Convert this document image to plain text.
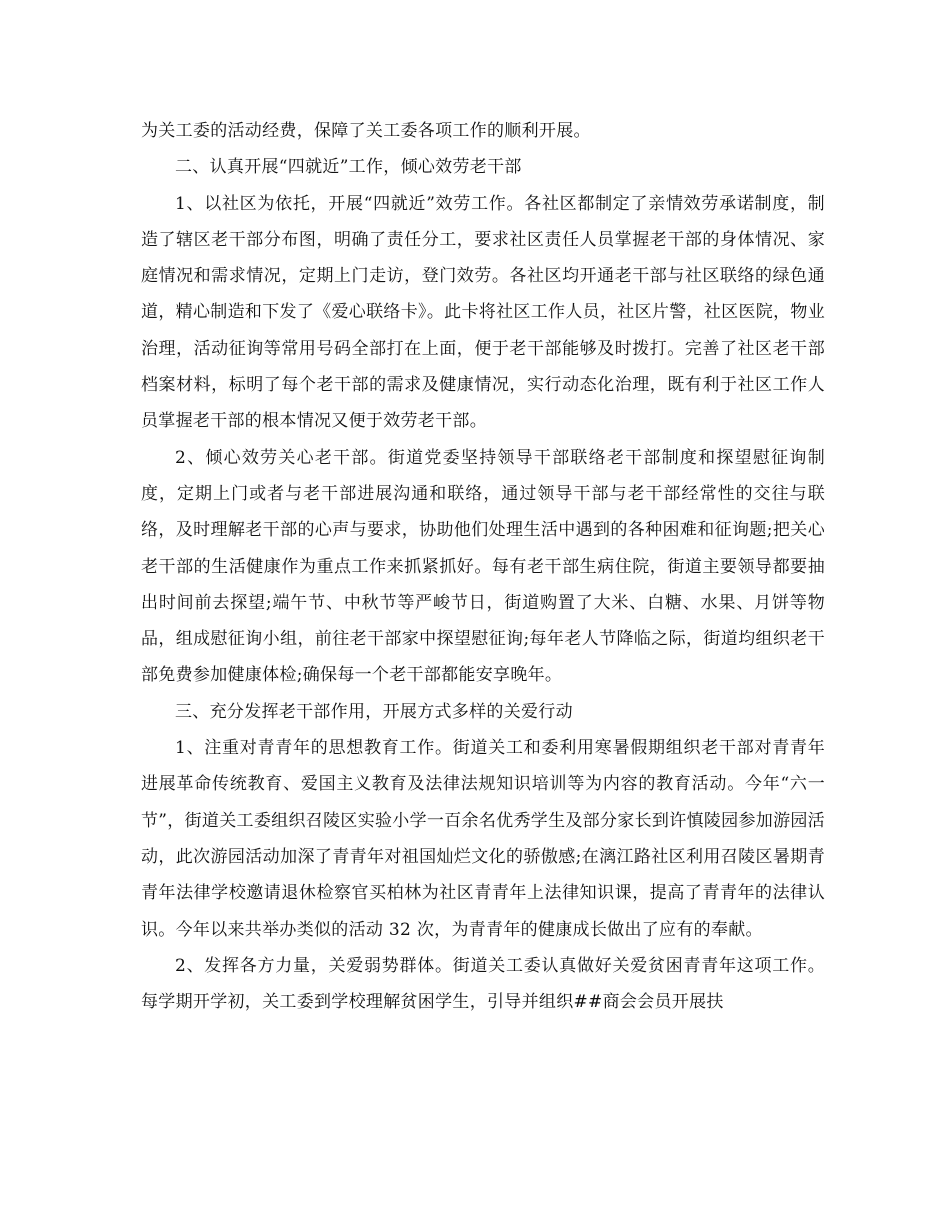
为关工委的活动经费，保障了关工委各项工作的顺利开展。

二、认真开展“四就近”工作，倾心效劳老干部

1、以社区为依托，开展“四就近”效劳工作。各社区都制定了亲情效劳承诺制度，制造了辖区老干部分布图，明确了责任分工，要求社区责任人员掌握老干部的身体情况、家庭情况和需求情况，定期上门走访，登门效劳。各社区均开通老干部与社区联络的绿色通道，精心制造和下发了《爱心联络卡》。此卡将社区工作人员，社区片警，社区医院，物业治理，活动征询等常用号码全部打在上面，便于老干部能够及时拨打。完善了社区老干部档案材料，标明了每个老干部的需求及健康情况，实行动态化治理，既有利于社区工作人员掌握老干部的根本情况又便于效劳老干部。

2、倾心效劳关心老干部。街道党委坚持领导干部联络老干部制度和探望慰征询制度，定期上门或者与老干部进展沟通和联络，通过领导干部与老干部经常性的交往与联络，及时理解老干部的心声与要求，协助他们处理生活中遇到的各种困难和征询题;把关心老干部的生活健康作为重点工作来抓紧抓好。每有老干部生病住院，街道主要领导都要抽出时间前去探望;端午节、中秋节等严峻节日，街道购置了大米、白糖、水果、月饼等物品，组成慰征询小组，前往老干部家中探望慰征询;每年老人节降临之际，街道均组织老干部免费参加健康体检;确保每一个老干部都能安享晚年。

三、充分发挥老干部作用，开展方式多样的关爱行动

1、注重对青青年的思想教育工作。街道关工和委利用寒暑假期组织老干部对青青年进展革命传统教育、爱国主义教育及法律法规知识培训等为内容的教育活动。今年“六一节”，街道关工委组织召陵区实验小学一百余名优秀学生及部分家长到许慎陵园参加游园活动，此次游园活动加深了青青年对祖国灿烂文化的骄傲感;在漓江路社区利用召陵区暑期青青年法律学校邀请退休检察官买柏林为社区青青年上法律知识课，提高了青青年的法律认识。今年以来共举办类似的活动 32 次，为青青年的健康成长做出了应有的奉献。

2、发挥各方力量，关爱弱势群体。街道关工委认真做好关爱贫困青青年这项工作。每学期开学初，关工委到学校理解贫困学生，引导并组织##商会会员开展扶
